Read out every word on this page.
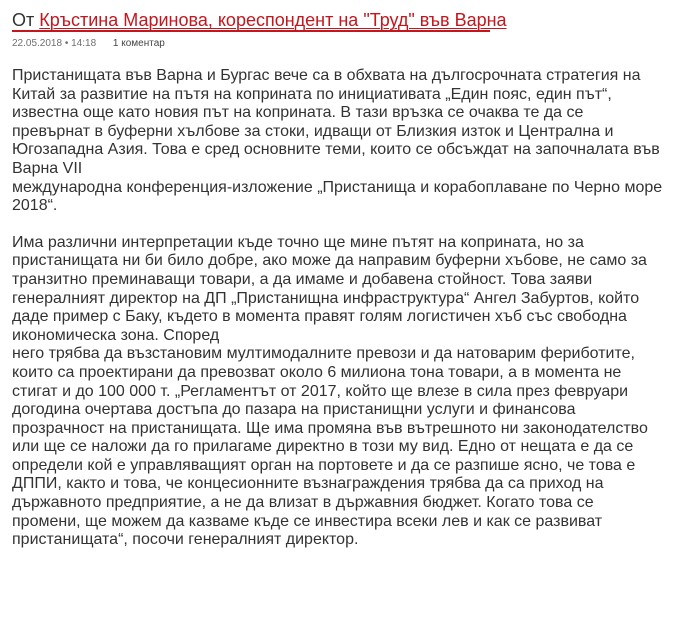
От Кръстина Маринова, кореспондент на "Труд" във Варна
22.05.2018 • 14:18 1 коментар

Пристанищата във Варна и Бургас вече са в обхвата на дългосрочната стратегия на
Китай за развитие на пътя на коприната по инициативата „Един пояс, един път“,
известна още като новия път на коприната. В тази връзка се очаква те да се
превърнат в буферни хълбове за стоки, идващи от Близкия изток и Централна и
Югозападна Азия. Това е сред основните теми, които се обсъждат на започналата във
Варна VII
международна конференция-изложение „Пристанища и корабоплаване по Черно море
2018“.

Има различни интерпретации къде точно ще мине пътят на коприната, но за
пристанищата ни би било добре, ако може да направим буферни хъбове, не само за
транзитно преминаващи товари, а да имаме и добавена стойност. Това заяви
генералният директор на ДП „Пристанищна инфраструктура“ Ангел Забуртов, който
даде пример с Баку, където в момента правят голям логистичен хъб със свободна
икономическа зона. Според
него трябва да възстановим мултимодалните превози и да натоварим фериботите,
които са проектирани да превозват около 6 милиона тона товари, а в момента не
стигат и до 100 000 т. „Регламентът от 2017, който ще влезе в сила през февруари
догодина очертава достъпа до пазара на пристанищни услуги и финансова
прозрачност на пристанищата. Ще има промяна във вътрешното ни законодателство
или ще се наложи да го прилагаме директно в този му вид. Едно от нещата е да се
определи кой е управляващият орган на портовете и да се разпише ясно, че това е
ДППИ, както и това, че концесионните възнаграждения трябва да са приход на
държавното предприятие, а не да влизат в държавния бюджет. Когато това се
промени, ще можем да казваме къде се инвестира всеки лев и как се развиват
пристанищата“, посочи генералният директор.
